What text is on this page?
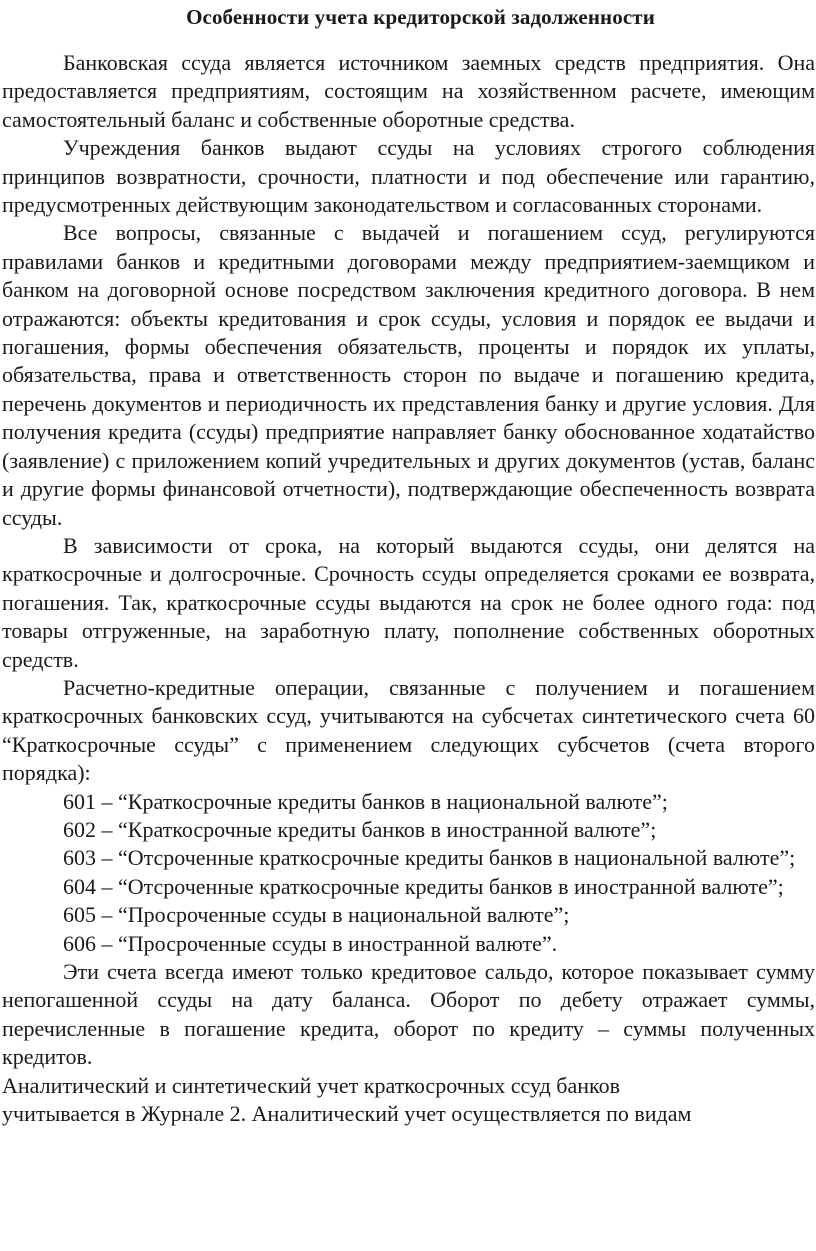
Особенности учета кредиторской задолженности

Банковская ссуда является источником заемных средств предприятия. Она предоставляется предприятиям, состоящим на хозяйственном расчете, имеющим самостоятельный баланс и собственные оборотные средства.

Учреждения банков выдают ссуды на условиях строгого соблюдения принципов возвратности, срочности, платности и под обеспечение или гарантию, предусмотренных действующим законодательством и согласованных сторонами.

Все вопросы, связанные с выдачей и погашением ссуд, регулируются правилами банков и кредитными договорами между предприятием-заемщиком и банком на договорной основе посредством заключения кредитного договора. В нем отражаются: объекты кредитования и срок ссуды, условия и порядок ее выдачи и погашения, формы обеспечения обязательств, проценты и порядок их уплаты, обязательства, права и ответственность сторон по выдаче и погашению кредита, перечень документов и периодичность их представления банку и другие условия. Для получения кредита (ссуды) предприятие направляет банку обоснованное ходатайство (заявление) с приложением копий учредительных и других документов (устав, баланс и другие формы финансовой отчетности), подтверждающие обеспеченность возврата ссуды.

В зависимости от срока, на который выдаются ссуды, они делятся на краткосрочные и долгосрочные. Срочность ссуды определяется сроками ее возврата, погашения. Так, краткосрочные ссуды выдаются на срок не более одного года: под товары отгруженные, на заработную плату, пополнение собственных оборотных средств.

Расчетно-кредитные операции, связанные с получением и погашением краткосрочных банковских ссуд, учитываются на субсчетах синтетического счета 60 “Краткосрочные ссуды” с применением следующих субсчетов (счета второго порядка):

601 – “Краткосрочные кредиты банков в национальной валюте”;

602 – “Краткосрочные кредиты банков в иностранной валюте”;

603 – “Отсроченные краткосрочные кредиты банков в национальной валюте”;

604 – “Отсроченные краткосрочные кредиты банков в иностранной валюте”;

605 – “Просроченные ссуды в национальной валюте”;

606 – “Просроченные ссуды в иностранной валюте”.

Эти счета всегда имеют только кредитовое сальдо, которое показывает сумму непогашенной ссуды на дату баланса. Оборот по дебету отражает суммы, перечисленные в погашение кредита, оборот по кредиту – суммы полученных кредитов.

Аналитический и синтетический учет краткосрочных ссуд банков

учитывается в Журнале 2. Аналитический учет осуществляется по видам
